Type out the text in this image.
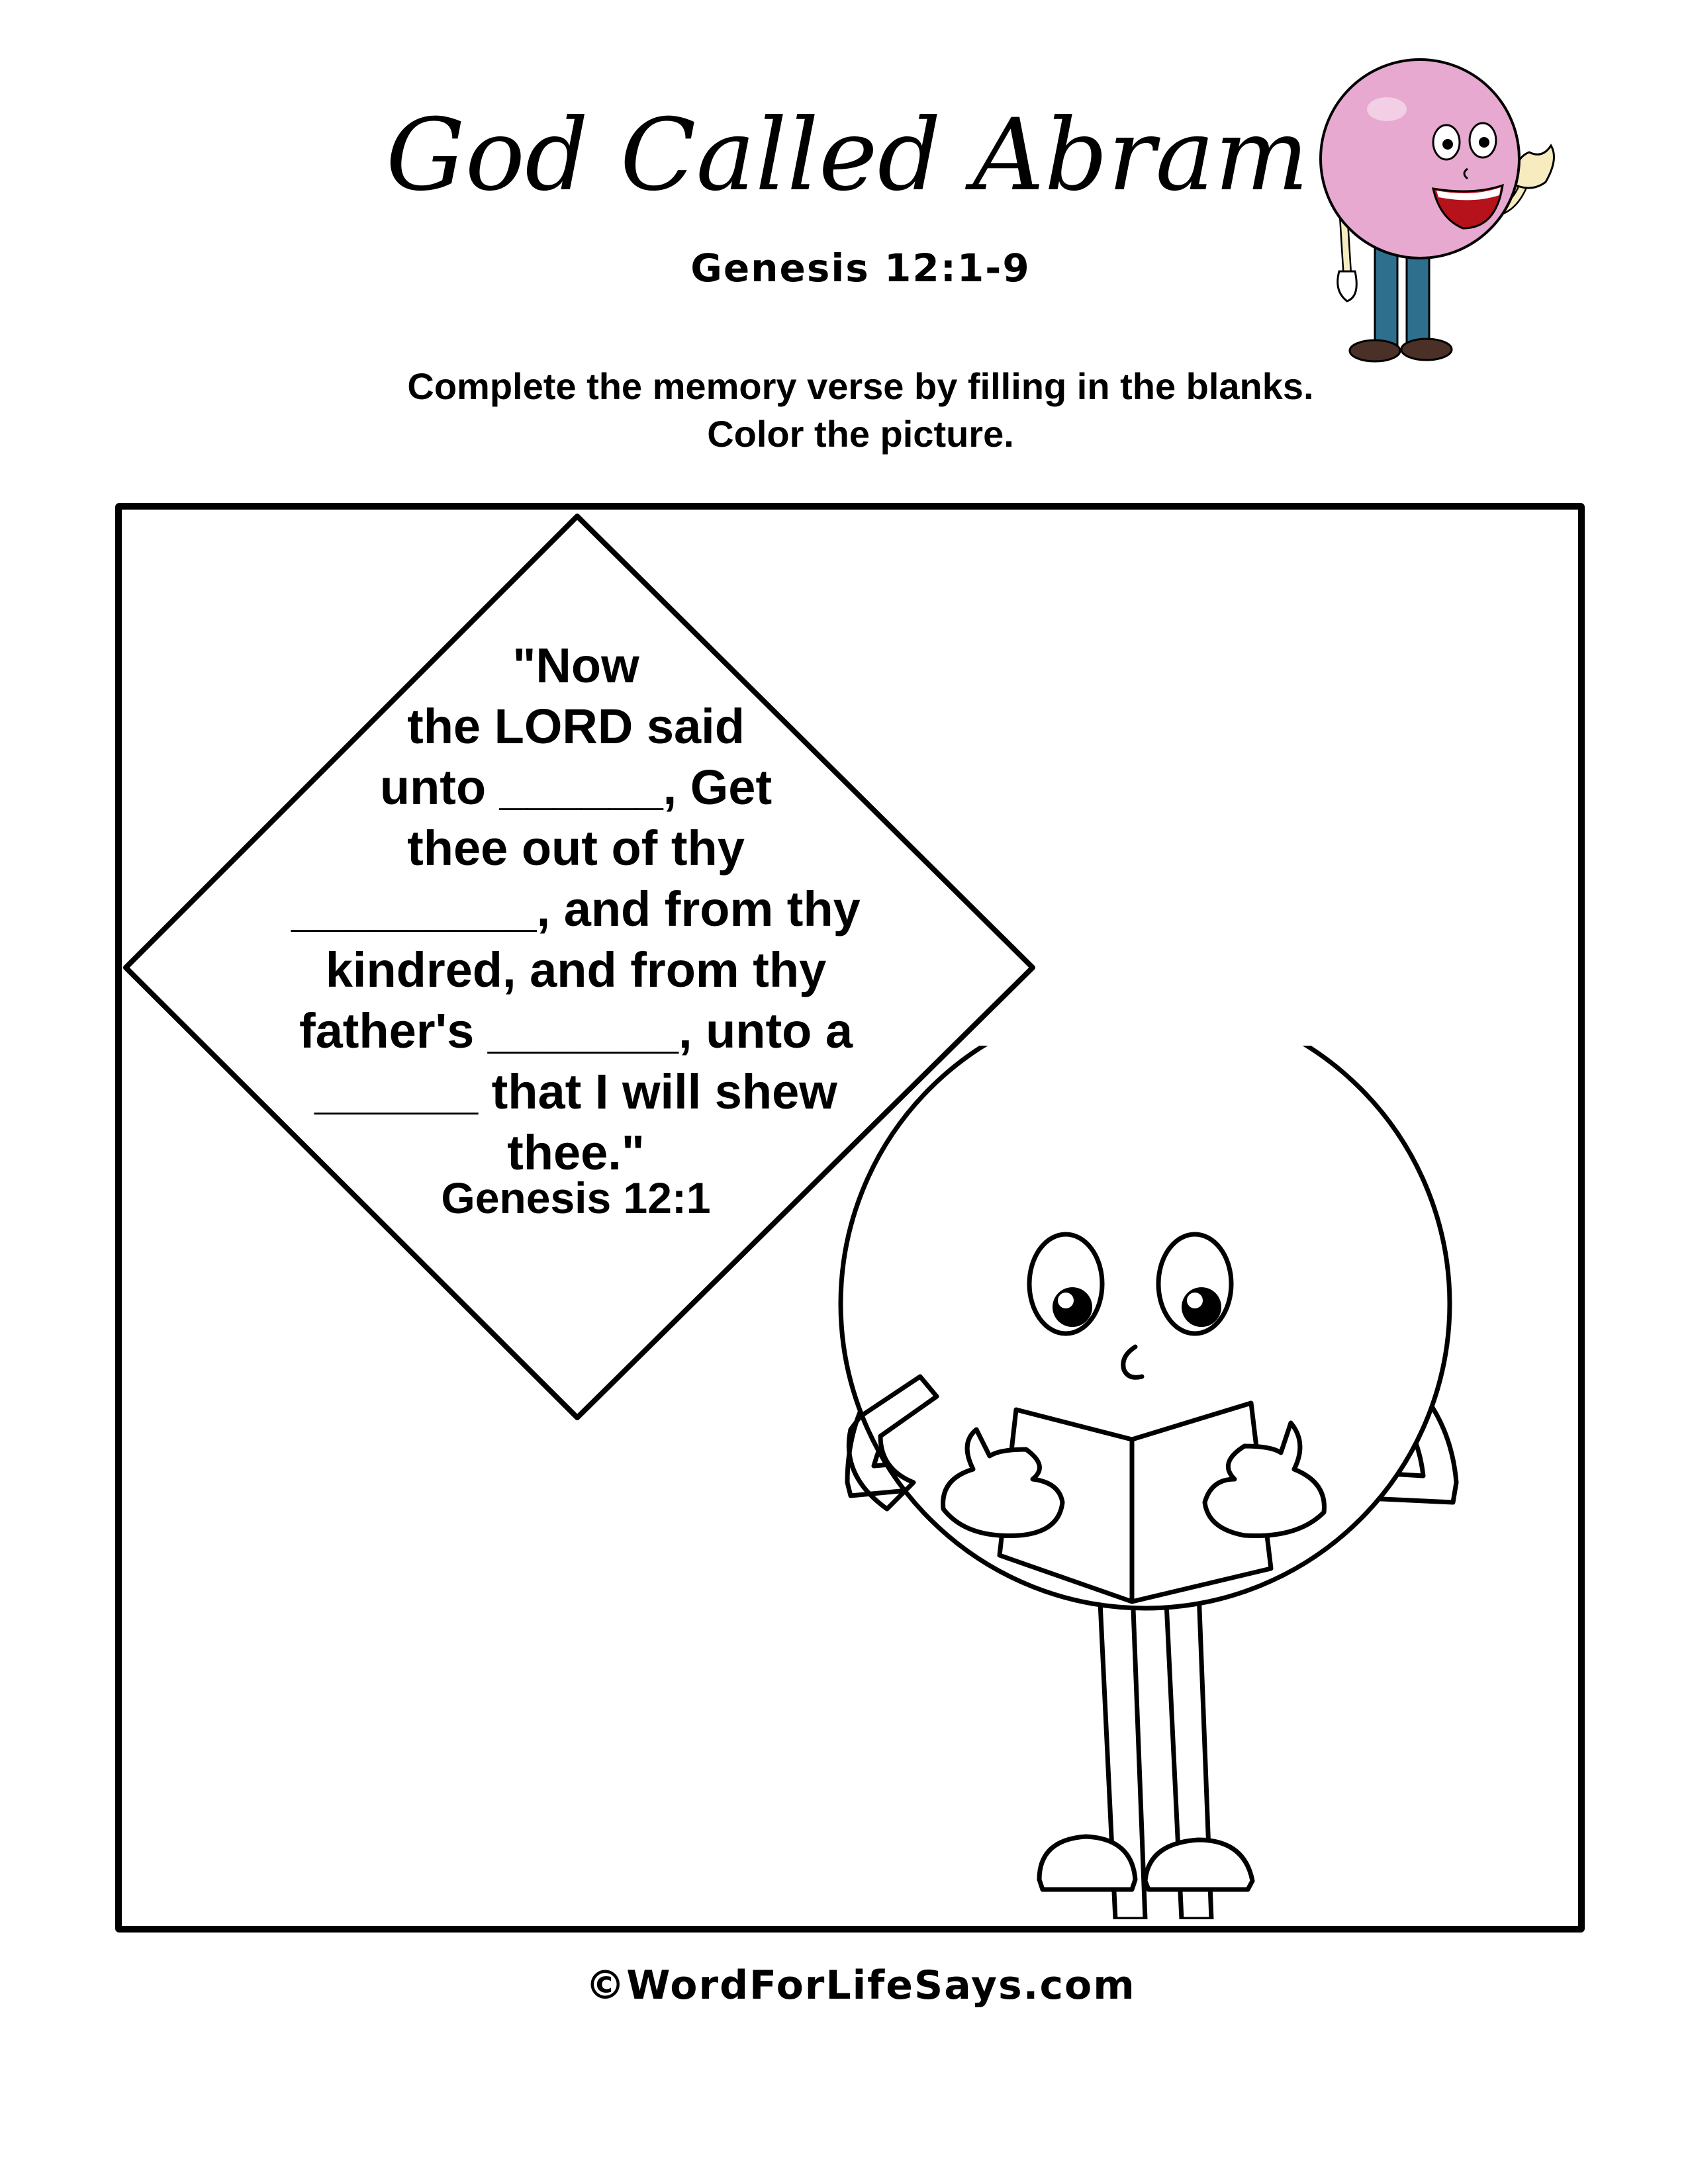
God Called Abram
Genesis 12:1-9
Complete the memory verse by filling in the blanks.
Color the picture.
"Now
the LORD said
unto ______, Get
thee out of thy
_________, and from thy
kindred, and from thy
father's _______, unto a
______ that I will shew
thee."
Genesis 12:1
©WordForLifeSays.com
